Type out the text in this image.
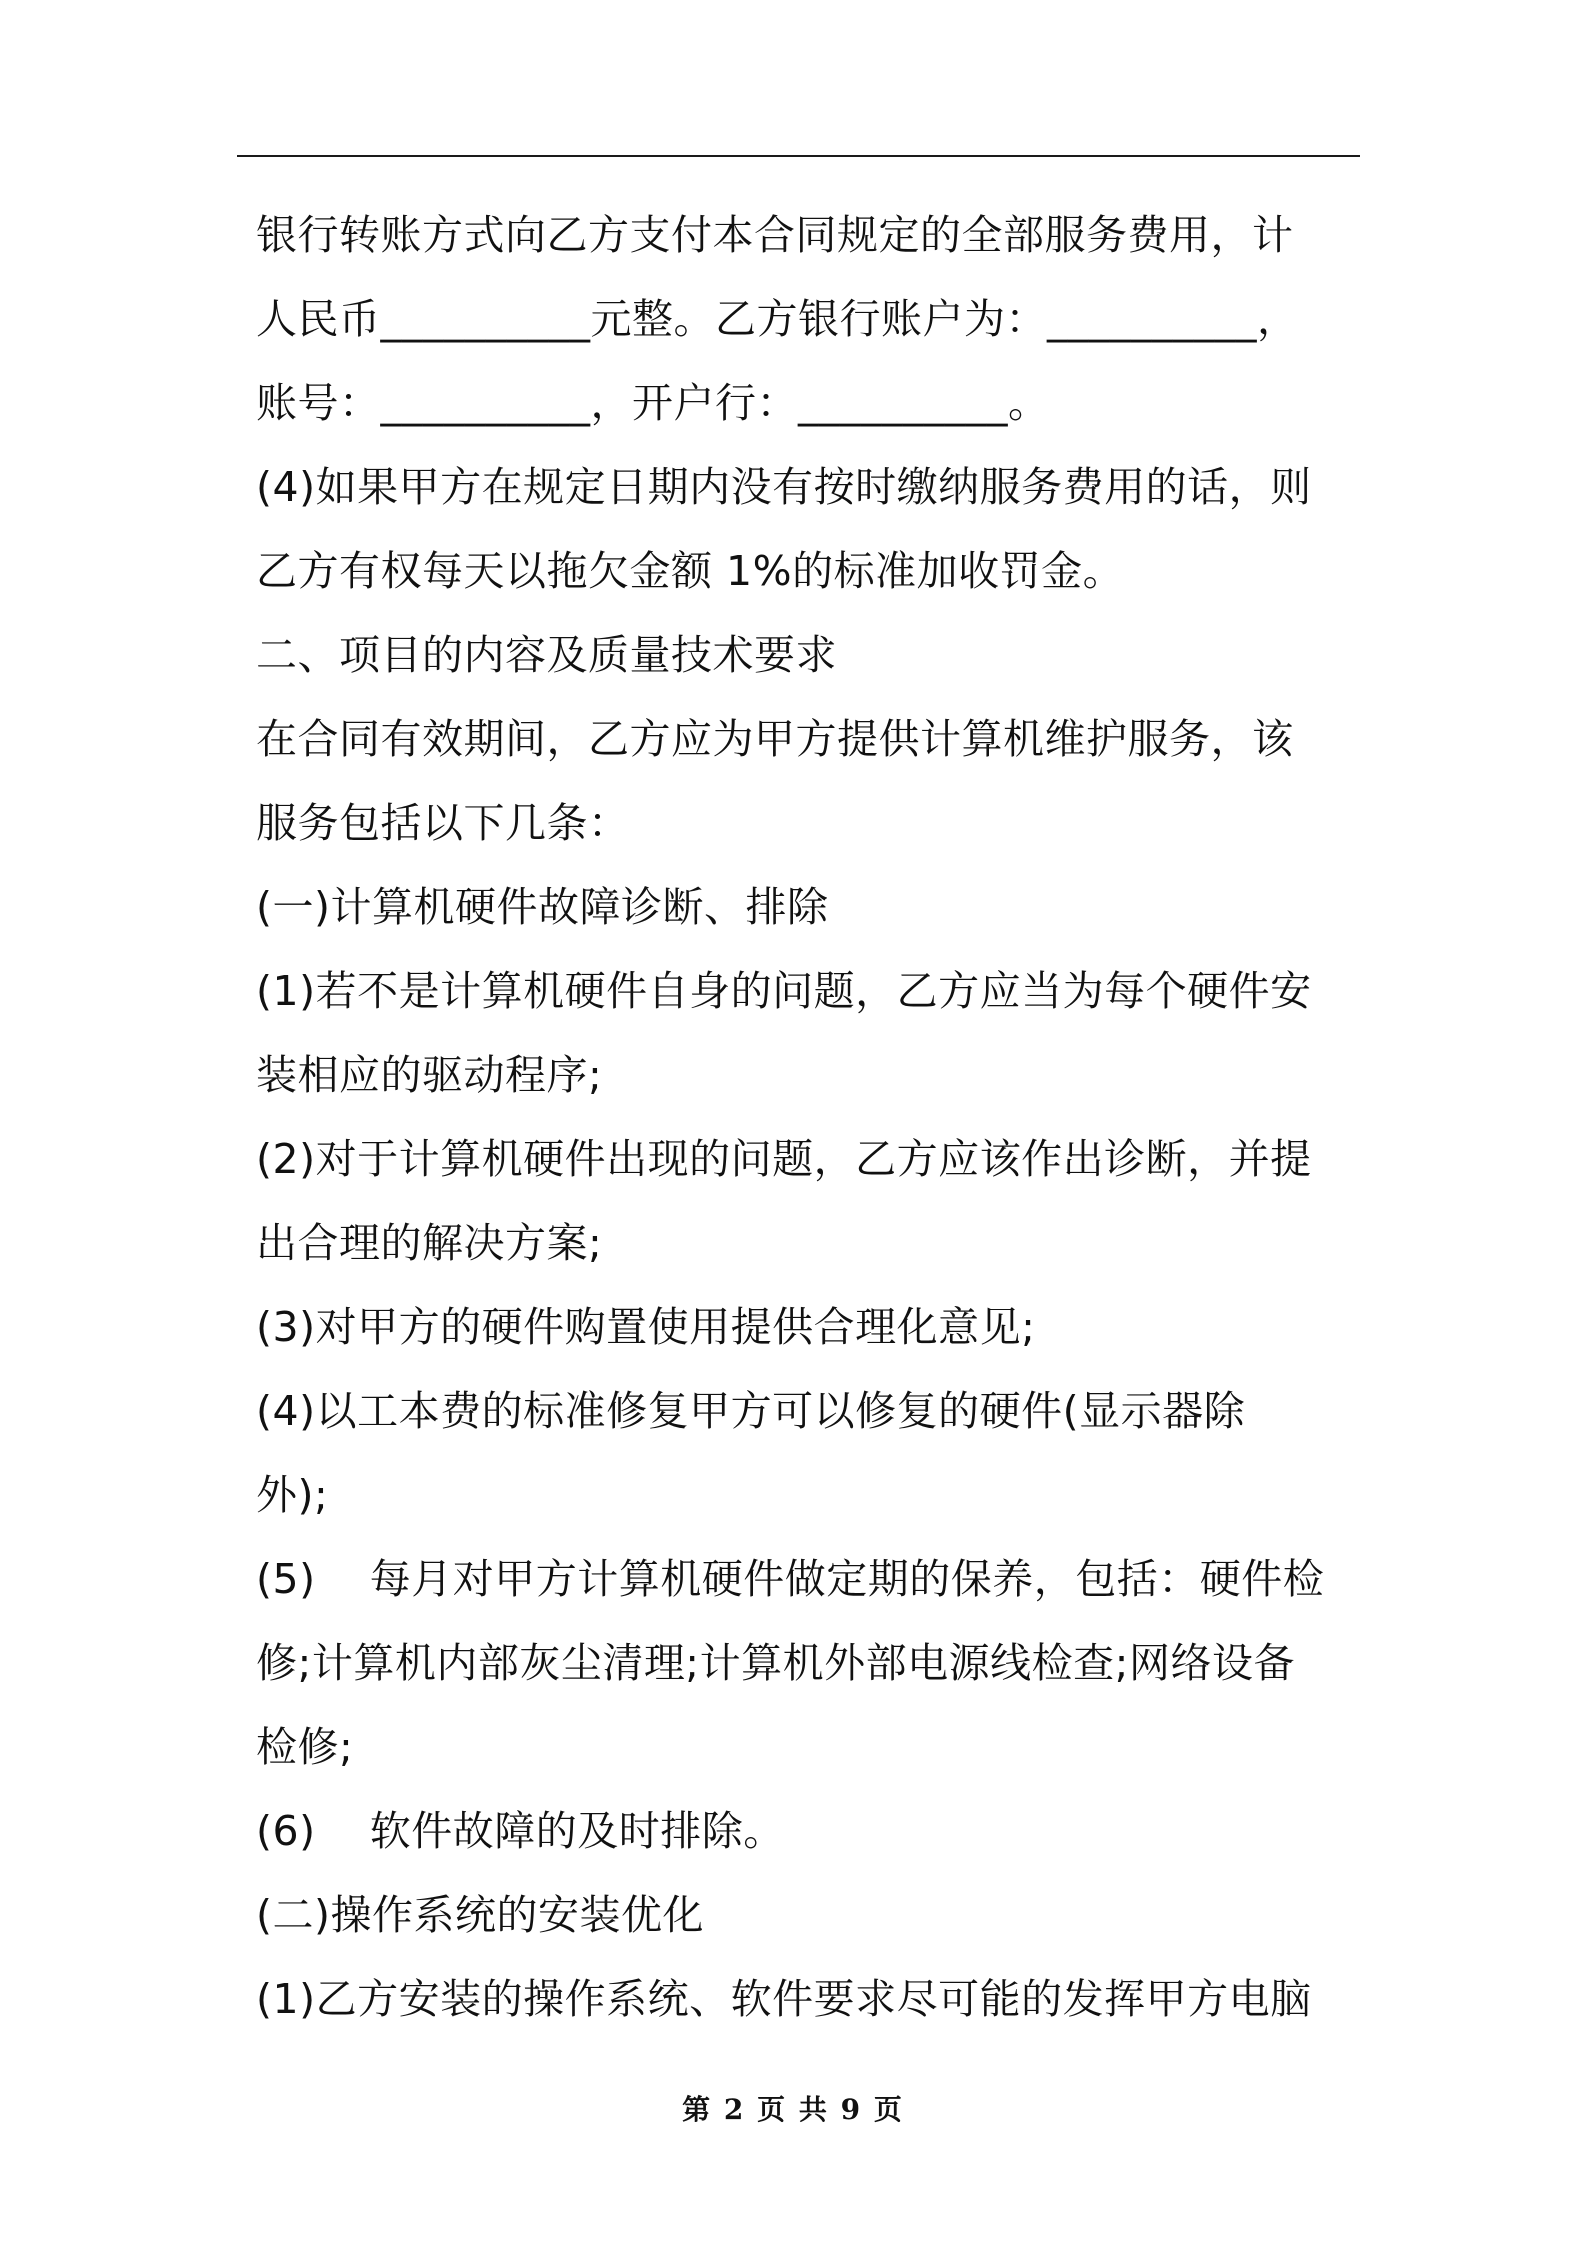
银行转账方式向乙方支付本合同规定的全部服务费用，计
人民币__________元整。乙方银行账户为：__________，
账号：__________，开户行：__________。
(4)如果甲方在规定日期内没有按时缴纳服务费用的话，则
乙方有权每天以拖欠金额 1%的标准加收罚金。
二、项目的内容及质量技术要求
在合同有效期间，乙方应为甲方提供计算机维护服务，该
服务包括以下几条：
(一)计算机硬件故障诊断、排除
(1)若不是计算机硬件自身的问题，乙方应当为每个硬件安
装相应的驱动程序;
(2)对于计算机硬件出现的问题，乙方应该作出诊断，并提
出合理的解决方案;
(3)对甲方的硬件购置使用提供合理化意见;
(4)以工本费的标准修复甲方可以修复的硬件(显示器除
外);
(5)    每月对甲方计算机硬件做定期的保养，包括：硬件检
修;计算机内部灰尘清理;计算机外部电源线检查;网络设备
检修;
(6)    软件故障的及时排除。
(二)操作系统的安装优化
(1)乙方安装的操作系统、软件要求尽可能的发挥甲方电脑
第 2 页 共 9 页
